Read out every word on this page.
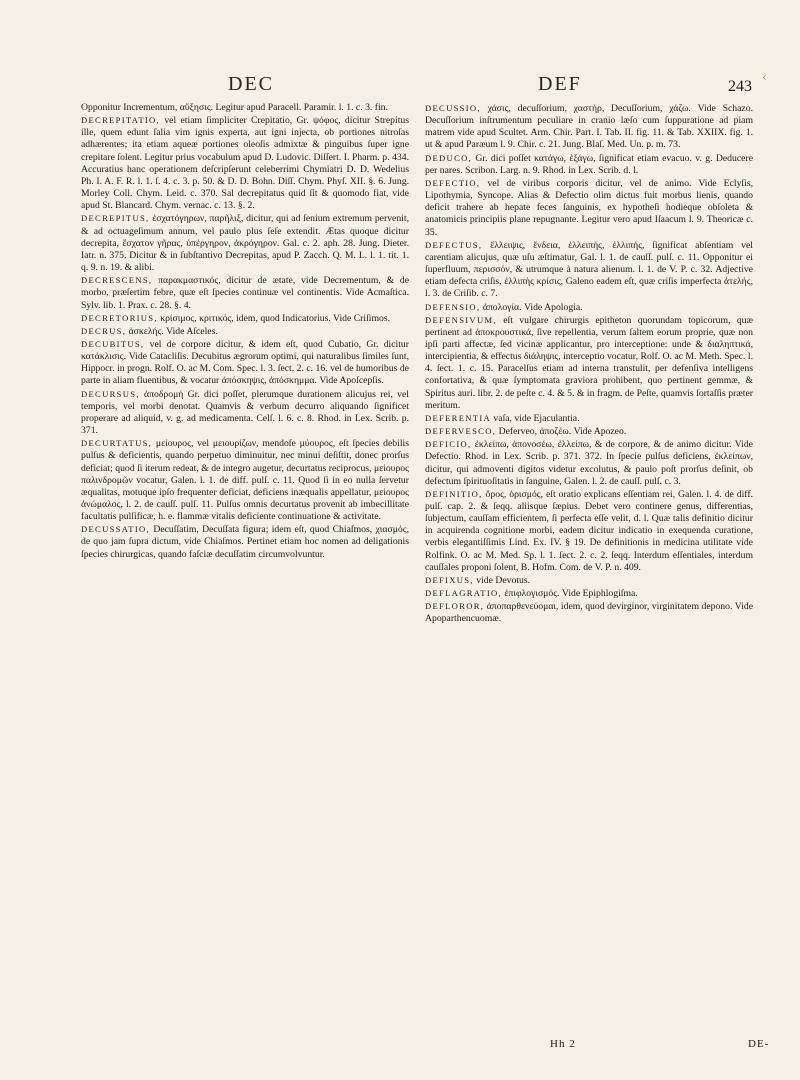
‹
DEC	DEF	243

Opponitur Incrementum, αὔξησις. Legitur apud Paracell. Paramir. l. 1. c. 3. fin.

DECREPITATIO, vel etiam ſimpliciter Crepitatio, Gr. ψόφος, dicitur Strepitus ille, quem edunt ſalia vim ignis experta, aut igni injecta, ob portiones nitroſas adhærentes; ita etiam aqueæ portiones oleoſis admixtæ & pinguibus ſuper igne crepitare ſolent. Legitur prius vocabulum apud D. Ludovic. Diſſert. I. Pharm. p. 434. Accuratius hanc operationem deſcripſerunt celeberrimi Chymiatri D. D. Wedelius Ph. I. A. F. R. l. 1. ſ. 4. c. 3. p. 50. & D. D. Bohn. Diſſ. Chym. Phyſ. XII. §. 6. Jung. Morley Coll. Chym. Leid. c. 370. Sal decrepitatus quid ſit & quomodo fiat, vide apud St. Blancard. Chym. vernac. c. 13. §. 2.

DECREPITUS, ἐσχατόγηρων, παρῆλιξ, dicitur, qui ad ſenium extremum pervenit, & ad octuageſimum annum, vel paulo plus ſeſe extendit. Ætas quoque dicitur decrepita, ἔσχατον γῆρας, ὑπέργηρον, ἀκρόγηρον. Gal. c. 2. aph. 28. Jung. Dieter. Iatr. n. 375. Dicitur & in ſubſtantivo Decrepitas, apud P. Zacch. Q. M. L. l. 1. tit. 1. q. 9. n. 19. & alibi.

DECRESCENS, παρακμαστικός, dicitur de ætate, vide Decrementum, & de morbo, præſertim febre, quæ eſt ſpecies continuæ vel continentis. Vide Acmaſtica. Sylv. lib. 1. Prax. c. 28. §. 4.

DECRETORIUS, κρίσιμος, κριτικός, idem, quod Indicatorius. Vide Criſimos.

DECRUS, ἀσκελής. Vide Aſceles.

DECUBITUS, vel de corpore dicitur, & idem eſt, quod Cubatio, Gr. dicitur κατάκλισις. Vide Catacliſis. Decubitus ægrorum optimi, qui naturalibus ſimiles ſunt, Hippocr. in progn. Rolf. O. ac M. Com. Spec. l. 3. ſect. 2. c. 16. vel de humoribus de parte in aliam fluentibus, & vocatur ἀπόσκηψις, ἀπόσκημμα. Vide Apoſcepſis.

DECURSUS, ἀποδρομή Gr. dici poſſet, plerumque durationem alicujus rei, vel temporis, vel morbi denotat. Quamvis & verbum decurro aliquando ſignificet properare ad aliquid, v. g. ad medicamenta. Celſ. l. 6. c. 8. Rhod. in Lex. Scrib. p. 371.

DECURTATUS, μείουρος, vel μειουρίζων, mendoſe μύουρος, eſt ſpecies debilis pulſus & deficientis, quando perpetuo diminuitur, nec minui deſiſtit, donec prorſus deficiat; quod ſi iterum redeat, & de integro augetur, decurtatus reciprocus, μείουρος παλινδρομῶν vocatur, Galen. l. 1. de diff. pulſ. c. 11. Quod ſi in eo nulla ſervetur æqualitas, motuque ipſo frequenter deficiat, deficiens inæqualis appellatur, μείουρος ἀνώμαλος, l. 2. de cauſſ. pulſ. 11. Pulſus omnis decurtatus provenit ab imbecillitate facultatis pulſificæ, h. e. flammæ vitalis deficiente continuatione & activitate.

DECUSSATIO, Decuſſatim, Decuſſata figura; idem eſt, quod Chiaſmos, χιασμός, de quo jam ſupra dictum, vide Chiaſmos. Pertinet etiam hoc nomen ad deligationis ſpecies chirurgicas, quando faſciæ decuſſatim circumvolvuntur.

DECUSSIO, χάσις, decuſſorium, χαστήρ, Decuſſorium, χάζω. Vide Schazo. Decuſſorium inſtrumentum peculiare in cranio læſo cum ſuppuratione ad piam matrem vide apud Scultet. Arm. Chir. Part. I. Tab. II. fig. 11. & Tab. XXIIX. fig. 1. ut & apud Paræum l. 9. Chir. c. 21. Jung. Blaſ. Med. Un. p. m. 73.

DEDUCO, Gr. dici poſſet κατάγω, ἐξάγω, ſignificat etiam evacuo. v. g. Deducere per nares. Scribon. Larg. n. 9. Rhod. in Lex. Scrib. d. l.

DEFECTIO, vel de viribus corporis dicitur, vel de animo. Vide Eclyſis, Lipothymia, Syncope. Alias & Defectio olim dictus fuit morbus lienis, quando deficit trahere ab hepate feces ſanguinis, ex hypotheſi hodieque obſoleta & anatomicis principiis plane repugnante. Legitur vero apud Iſaacum l. 9. Theoricæ c. 35.

DEFECTUS, ἔλλειψις, ἔνδεια, ἐλλειπής, ἐλλιπής, ſignificat abſentiam vel carentiam alicujus, quæ uſu æſtimatur, Gal. l. 1. de cauſſ. pulſ. c. 11. Opponitur ei ſuperfluum, περισσόν, & utrumque à natura alienum. l. 1. de V. P. c. 32. Adjective etiam defecta criſis, ἐλλιπὴς κρίσις, Galeno eadem eſt, quæ criſis imperfecta ἀτελής, l. 3. de Criſib. c. 7.

DEFENSIO, ἀπολογία. Vide Apologia.

DEFENSIVUM, eſt vulgare chirurgis epitheton quorundam topicorum, quæ pertinent ad ἀποκρουστικά, ſive repellentia, verum ſaltem eorum proprie, quæ non ipſi parti affectæ, ſed vicinæ applicantur, pro interceptione: unde & διαληπτικά, intercipientia, & effectus διάληψις, interceptio vocatur, Rolf. O. ac M. Meth. Spec. l. 4. ſect. 1. c. 15. Paracelſus etiam ad interna transtulit, per defenſiva intelligens confortativa, & quæ ſymptomata graviora prohibent, quo pertinent gemmæ, & Spiritus auri. libr. 2. de peſte c. 4. & 5. & in fragm. de Peſte, quamvis ſortaſſis præter meritum.

DEFERENTIA vaſa, vide Ejaculantia.

DEFERVESCO, Deferveo, ἀποζέω. Vide Apozeo.

DEFICIO, ἐκλείπω, ἀπονοσέω, ἐλλείπω, & de corpore, & de animo dicitur. Vide Defectio. Rhod. in Lex. Scrib. p. 371. 372. In ſpecie pulſus deficiens, ἐκλείπων, dicitur, qui admoventi digitos videtur excolutus, & paulo poſt prorſus deſinit, ob defectum ſpirituoſitatis in ſanguine, Galen. l. 2. de cauſſ. pulſ. c. 3.

DEFINITIO, ὅρος, ὁρισμός, eſt oratio explicans eſſentiam rei, Galen. l. 4. de diff. pulſ. cap. 2. & ſeqq. aliisque ſæpius. Debet vero continere genus, differentias, ſubjectum, cauſſam efficientem, ſi perfecta eſſe velit, d. l. Quæ talis definitio dicitur in acquirenda cognitione morbi, eadem dicitur indicatio in exequenda curatione, verbis elegantiſſimis Lind. Ex. IV. § 19. De definitionis in medicina utilitate vide Rolfink. O. ac M. Med. Sp. l. 1. ſect. 2. c. 2. ſeqq. Interdum eſſentiales, interdum cauſſales proponi ſolent, B. Hofm. Com. de V. P. n. 409.

DEFIXUS, vide Devotus.

DEFLAGRATIO, ἐπιφλογισμός. Vide Epiphlogiſma.

DEFLOROR, ἀποπαρθενεύομαι, idem, quod devirginor, virginitatem depono. Vide Apoparthencuomæ.

Hh 2	DE-
